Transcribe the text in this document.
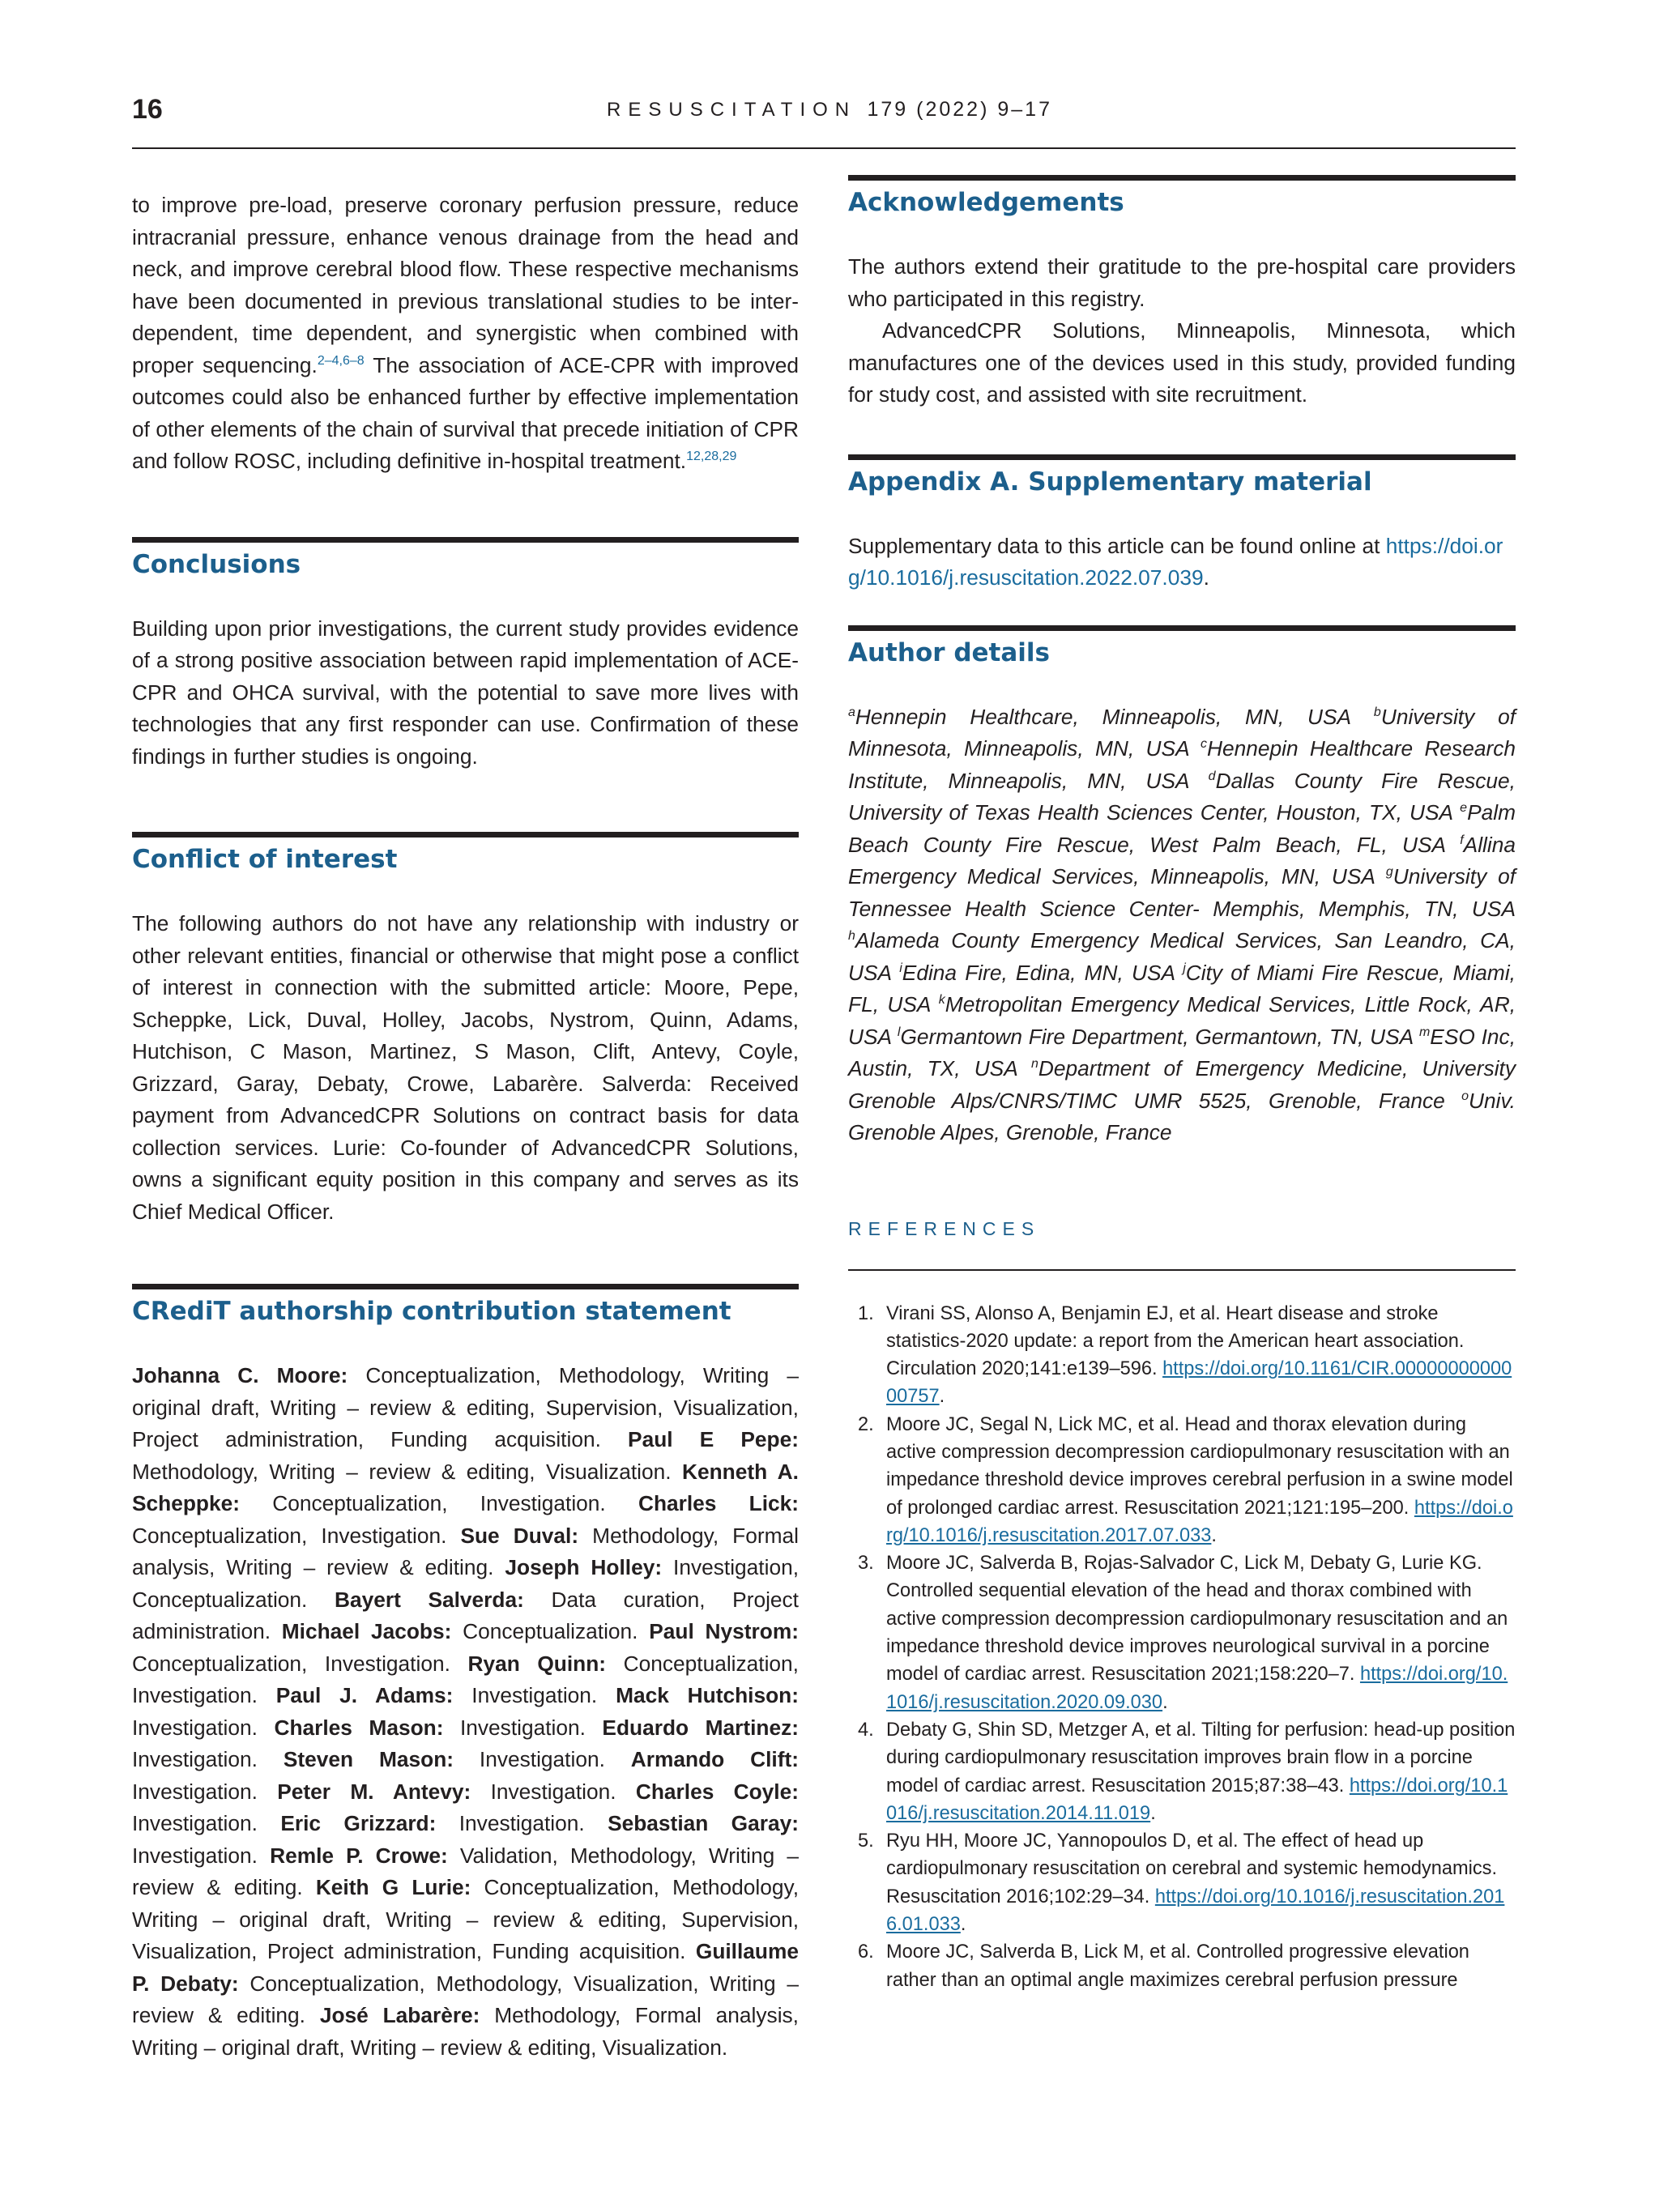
16	RESUSCITATION 179 (2022) 9–17

to improve pre-load, preserve coronary perfusion pressure, reduce intracranial pressure, enhance venous drainage from the head and neck, and improve cerebral blood flow. These respective mechanisms have been documented in previous translational studies to be inter-dependent, time dependent, and synergistic when combined with proper sequencing.$^{2-4,6-8}$ The association of ACE-CPR with improved outcomes could also be enhanced further by effective implementation of other elements of the chain of survival that precede initiation of CPR and follow ROSC, including definitive in-hospital treatment.$^{12,28,29}$

Conclusions

Building upon prior investigations, the current study provides evidence of a strong positive association between rapid implementation of ACE-CPR and OHCA survival, with the potential to save more lives with technologies that any first responder can use. Confirmation of these findings in further studies is ongoing.

Conflict of interest

The following authors do not have any relationship with industry or other relevant entities, financial or otherwise that might pose a conflict of interest in connection with the submitted article: Moore, Pepe, Scheppke, Lick, Duval, Holley, Jacobs, Nystrom, Quinn, Adams, Hutchison, C Mason, Martinez, S Mason, Clift, Antevy, Coyle, Grizzard, Garay, Debaty, Crowe, Labarère. Salverda: Received payment from AdvancedCPR Solutions on contract basis for data collection services. Lurie: Co-founder of AdvancedCPR Solutions, owns a significant equity position in this company and serves as its Chief Medical Officer.

CRediT authorship contribution statement

Johanna C. Moore: Conceptualization, Methodology, Writing – original draft, Writing – review & editing, Supervision, Visualization, Project administration, Funding acquisition. Paul E Pepe: Methodology, Writing – review & editing, Visualization. Kenneth A. Scheppke: Conceptualization, Investigation. Charles Lick: Conceptualization, Investigation. Sue Duval: Methodology, Formal analysis, Writing – review & editing. Joseph Holley: Investigation, Conceptualization. Bayert Salverda: Data curation, Project administration. Michael Jacobs: Conceptualization. Paul Nystrom: Conceptualization, Investigation. Ryan Quinn: Conceptualization, Investigation. Paul J. Adams: Investigation. Mack Hutchison: Investigation. Charles Mason: Investigation. Eduardo Martinez: Investigation. Steven Mason: Investigation. Armando Clift: Investigation. Peter M. Antevy: Investigation. Charles Coyle: Investigation. Eric Grizzard: Investigation. Sebastian Garay: Investigation. Remle P. Crowe: Validation, Methodology, Writing – review & editing. Keith G Lurie: Conceptualization, Methodology, Writing – original draft, Writing – review & editing, Supervision, Visualization, Project administration, Funding acquisition. Guillaume P. Debaty: Conceptualization, Methodology, Visualization, Writing – review & editing. José Labarère: Methodology, Formal analysis, Writing – original draft, Writing – review & editing, Visualization.

Acknowledgements

The authors extend their gratitude to the pre-hospital care providers who participated in this registry.

AdvancedCPR Solutions, Minneapolis, Minnesota, which manufactures one of the devices used in this study, provided funding for study cost, and assisted with site recruitment.

Appendix A. Supplementary material

Supplementary data to this article can be found online at https://doi.org/10.1016/j.resuscitation.2022.07.039.

Author details

$^a$Hennepin Healthcare, Minneapolis, MN, USA $^b$University of Minnesota, Minneapolis, MN, USA $^c$Hennepin Healthcare Research Institute, Minneapolis, MN, USA $^d$Dallas County Fire Rescue, University of Texas Health Sciences Center, Houston, TX, USA $^e$Palm Beach County Fire Rescue, West Palm Beach, FL, USA $^f$Allina Emergency Medical Services, Minneapolis, MN, USA $^g$University of Tennessee Health Science Center- Memphis, Memphis, TN, USA $^h$Alameda County Emergency Medical Services, San Leandro, CA, USA $^i$Edina Fire, Edina, MN, USA $^j$City of Miami Fire Rescue, Miami, FL, USA $^k$Metropolitan Emergency Medical Services, Little Rock, AR, USA $^l$Germantown Fire Department, Germantown, TN, USA $^m$ESO Inc, Austin, TX, USA $^n$Department of Emergency Medicine, University Grenoble Alps/CNRS/TIMC UMR 5525, Grenoble, France $^o$Univ. Grenoble Alpes, Grenoble, France

REFERENCES
1. Virani SS, Alonso A, Benjamin EJ, et al. Heart disease and stroke statistics-2020 update: a report from the American heart association. Circulation 2020;141:e139–596. https://doi.org/10.1161/CIR.0000000000000757.
2. Moore JC, Segal N, Lick MC, et al. Head and thorax elevation during active compression decompression cardiopulmonary resuscitation with an impedance threshold device improves cerebral perfusion in a swine model of prolonged cardiac arrest. Resuscitation 2021;121:195–200. https://doi.org/10.1016/j.resuscitation.2017.07.033.
3. Moore JC, Salverda B, Rojas-Salvador C, Lick M, Debaty G, Lurie KG. Controlled sequential elevation of the head and thorax combined with active compression decompression cardiopulmonary resuscitation and an impedance threshold device improves neurological survival in a porcine model of cardiac arrest. Resuscitation 2021;158:220–7. https://doi.org/10.1016/j.resuscitation.2020.09.030.
4. Debaty G, Shin SD, Metzger A, et al. Tilting for perfusion: head-up position during cardiopulmonary resuscitation improves brain flow in a porcine model of cardiac arrest. Resuscitation 2015;87:38–43. https://doi.org/10.1016/j.resuscitation.2014.11.019.
5. Ryu HH, Moore JC, Yannopoulos D, et al. The effect of head up cardiopulmonary resuscitation on cerebral and systemic hemodynamics. Resuscitation 2016;102:29–34. https://doi.org/10.1016/j.resuscitation.2016.01.033.
6. Moore JC, Salverda B, Lick M, et al. Controlled progressive elevation rather than an optimal angle maximizes cerebral perfusion pressure
